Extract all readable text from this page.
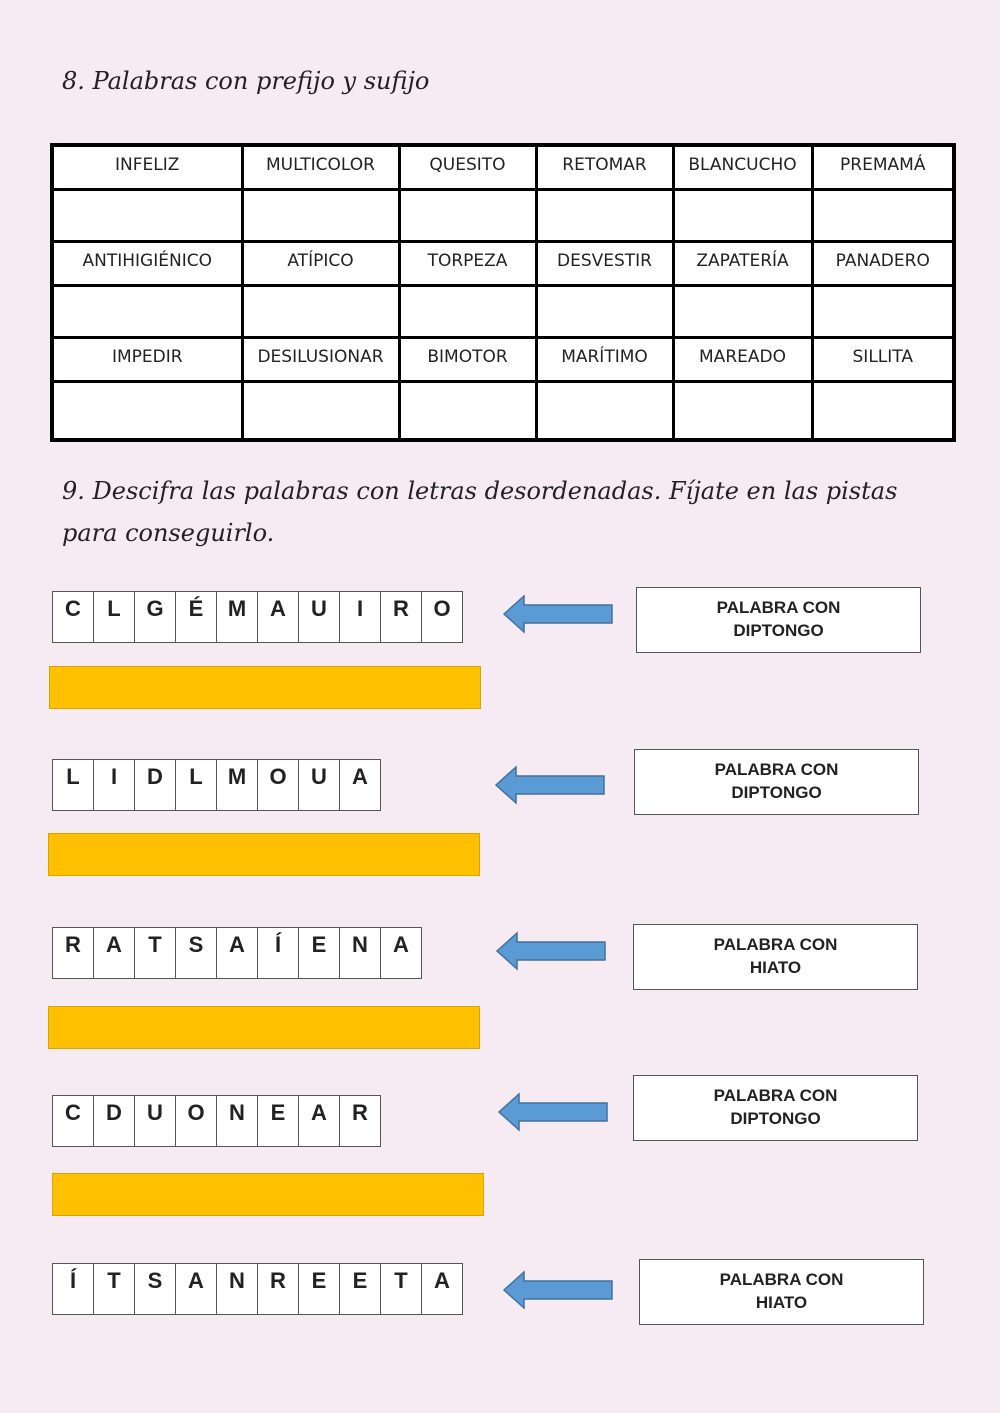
8. Palabras con prefijo y sufijo
INFELIZ	MULTICOLOR	QUESITO	RETOMAR	BLANCUCHO	PREMAMÁ

ANTIHIGIÉNICO	ATÍPICO	TORPEZA	DESVESTIR	ZAPATERÍA	PANADERO

IMPEDIR	DESILUSIONAR	BIMOTOR	MARÍTIMO	MAREADO	SILLITA

9. Descifra las palabras con letras desordenadas. Fíjate en las pistas para conseguirlo.
C	L	G	É	M	A	U	I	R	O	PALABRA CON
DIPTONGO
L	I	D	L	M	O	U	A	PALABRA CON
DIPTONGO
R	A	T	S	A	Í	E	N	A	PALABRA CON
HIATO
C	D	U	O	N	E	A	R
PALABRA CON
DIPTONGO
Í	T	S	A	N	R	E	E	T	A	PALABRA CON
HIATO
